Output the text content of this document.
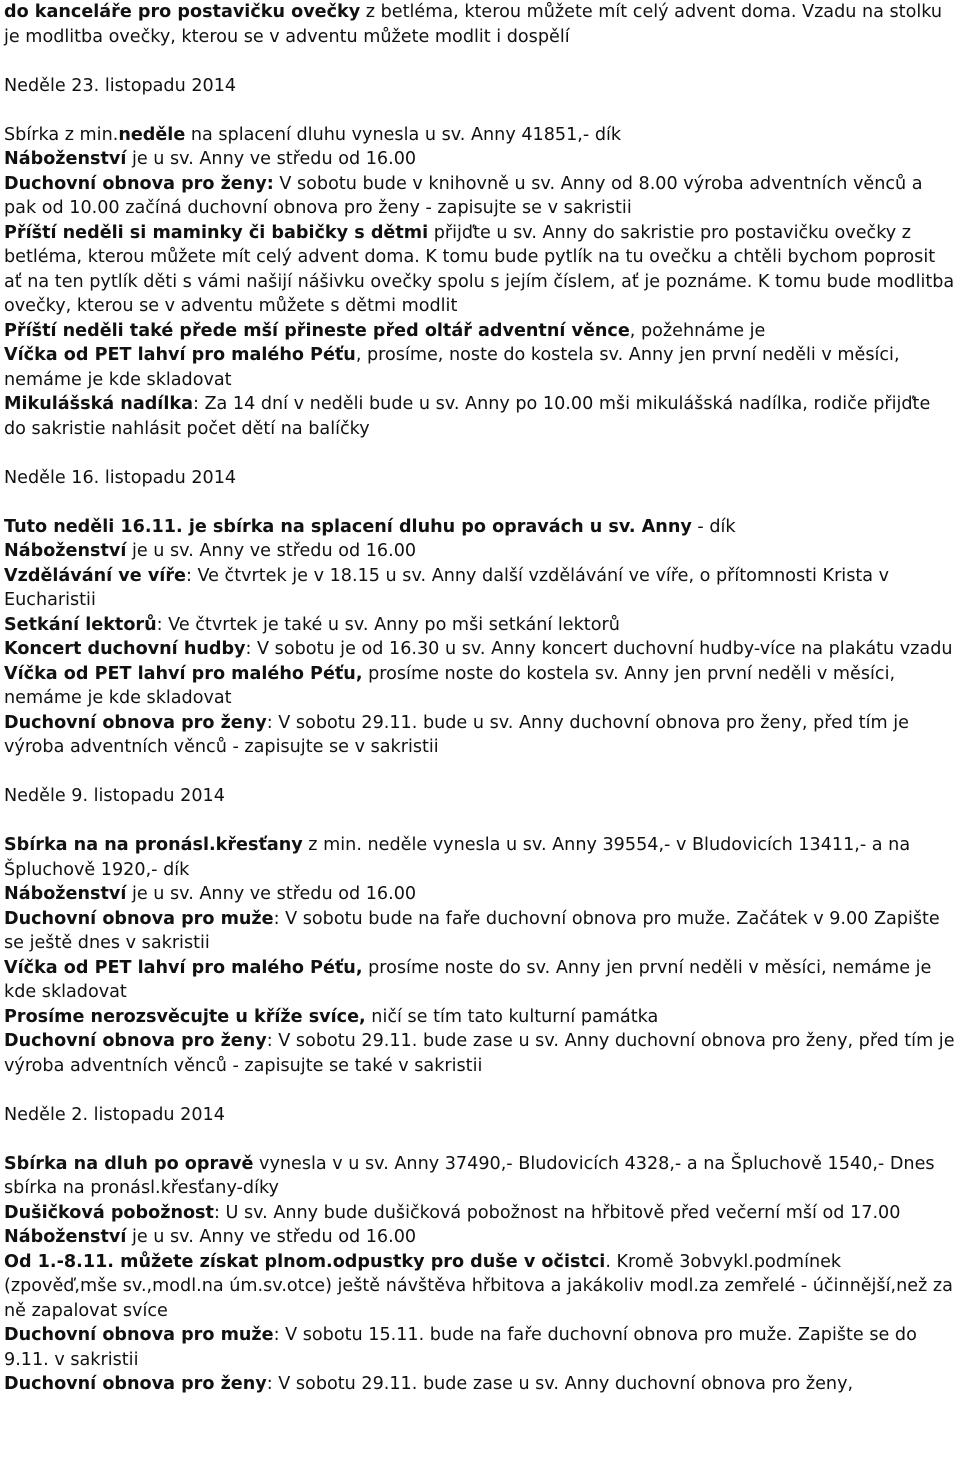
do kanceláře pro postavičku ovečky z betléma, kterou můžete mít celý advent doma. Vzadu na stolku je modlitba ovečky, kterou se v adventu můžete modlit i dospělí

Neděle 23. listopadu 2014

Sbírka z min.neděle na splacení dluhu vynesla u sv. Anny 41851,- dík

Náboženství je u sv. Anny ve středu od 16.00

Duchovní obnova pro ženy: V sobotu bude v knihovně u sv. Anny od 8.00 výroba adventních věnců a pak od 10.00 začíná duchovní obnova pro ženy - zapisujte se v sakristii

Příští neděli si maminky či babičky s dětmi přijďte u sv. Anny do sakristie pro postavičku ovečky z betléma, kterou můžete mít celý advent doma. K tomu bude pytlík na tu ovečku a chtěli bychom poprosit ať na ten pytlík děti s vámi našijí nášivku ovečky spolu s jejím číslem, ať je poznáme. K tomu bude modlitba ovečky, kterou se v adventu můžete s dětmi modlit

Příští neděli také přede mší přineste před oltář adventní věnce, požehnáme je

Víčka od PET lahví pro malého Péťu, prosíme, noste do kostela sv. Anny jen první neděli v měsíci, nemáme je kde skladovat

Mikulášská nadílka: Za 14 dní v neděli bude u sv. Anny po 10.00 mši mikulášská nadílka, rodiče přijďte do sakristie nahlásit počet dětí na balíčky

Neděle 16. listopadu 2014

Tuto neděli 16.11. je sbírka na splacení dluhu po opravách u sv. Anny - dík

Náboženství je u sv. Anny ve středu od 16.00

Vzdělávání ve víře: Ve čtvrtek je v 18.15 u sv. Anny další vzdělávání ve víře, o přítomnosti Krista v Eucharistii

Setkání lektorů: Ve čtvrtek je také u sv. Anny po mši setkání lektorů

Koncert duchovní hudby: V sobotu je od 16.30 u sv. Anny koncert duchovní hudby-více na plakátu vzadu

Víčka od PET lahví pro malého Péťu, prosíme noste do kostela sv. Anny jen první neděli v měsíci, nemáme je kde skladovat

Duchovní obnova pro ženy: V sobotu 29.11. bude u sv. Anny duchovní obnova pro ženy, před tím je výroba adventních věnců - zapisujte se v sakristii

Neděle 9. listopadu 2014

Sbírka na na pronásl.křesťany z min. neděle vynesla u sv. Anny 39554,- v Bludovicích 13411,- a na Špluchově 1920,- dík

Náboženství je u sv. Anny ve středu od 16.00

Duchovní obnova pro muže: V sobotu bude na faře duchovní obnova pro muže. Začátek v 9.00 Zapište se ještě dnes v sakristii

Víčka od PET lahví pro malého Péťu, prosíme noste do sv. Anny jen první neděli v měsíci, nemáme je kde skladovat

Prosíme nerozsvěcujte u kříže svíce, ničí se tím tato kulturní památka

Duchovní obnova pro ženy: V sobotu 29.11. bude zase u sv. Anny duchovní obnova pro ženy, před tím je výroba adventních věnců - zapisujte se také v sakristii

Neděle 2. listopadu 2014

Sbírka na dluh po opravě vynesla v u sv. Anny 37490,- Bludovicích 4328,- a na Špluchově 1540,- Dnes sbírka na pronásl.křesťany-díky

Dušičková pobožnost: U sv. Anny bude dušičková pobožnost na hřbitově před večerní mší od 17.00

Náboženství je u sv. Anny ve středu od 16.00

Od 1.-8.11. můžete získat plnom.odpustky pro duše v očistci. Kromě 3obvykl.podmínek (zpověď,mše sv.,modl.na úm.sv.otce) ještě návštěva hřbitova a jakákoliv modl.za zemřelé - účinnější,než za ně zapalovat svíce

Duchovní obnova pro muže: V sobotu 15.11. bude na faře duchovní obnova pro muže. Zapište se do 9.11. v sakristii

Duchovní obnova pro ženy: V sobotu 29.11. bude zase u sv. Anny duchovní obnova pro ženy,
